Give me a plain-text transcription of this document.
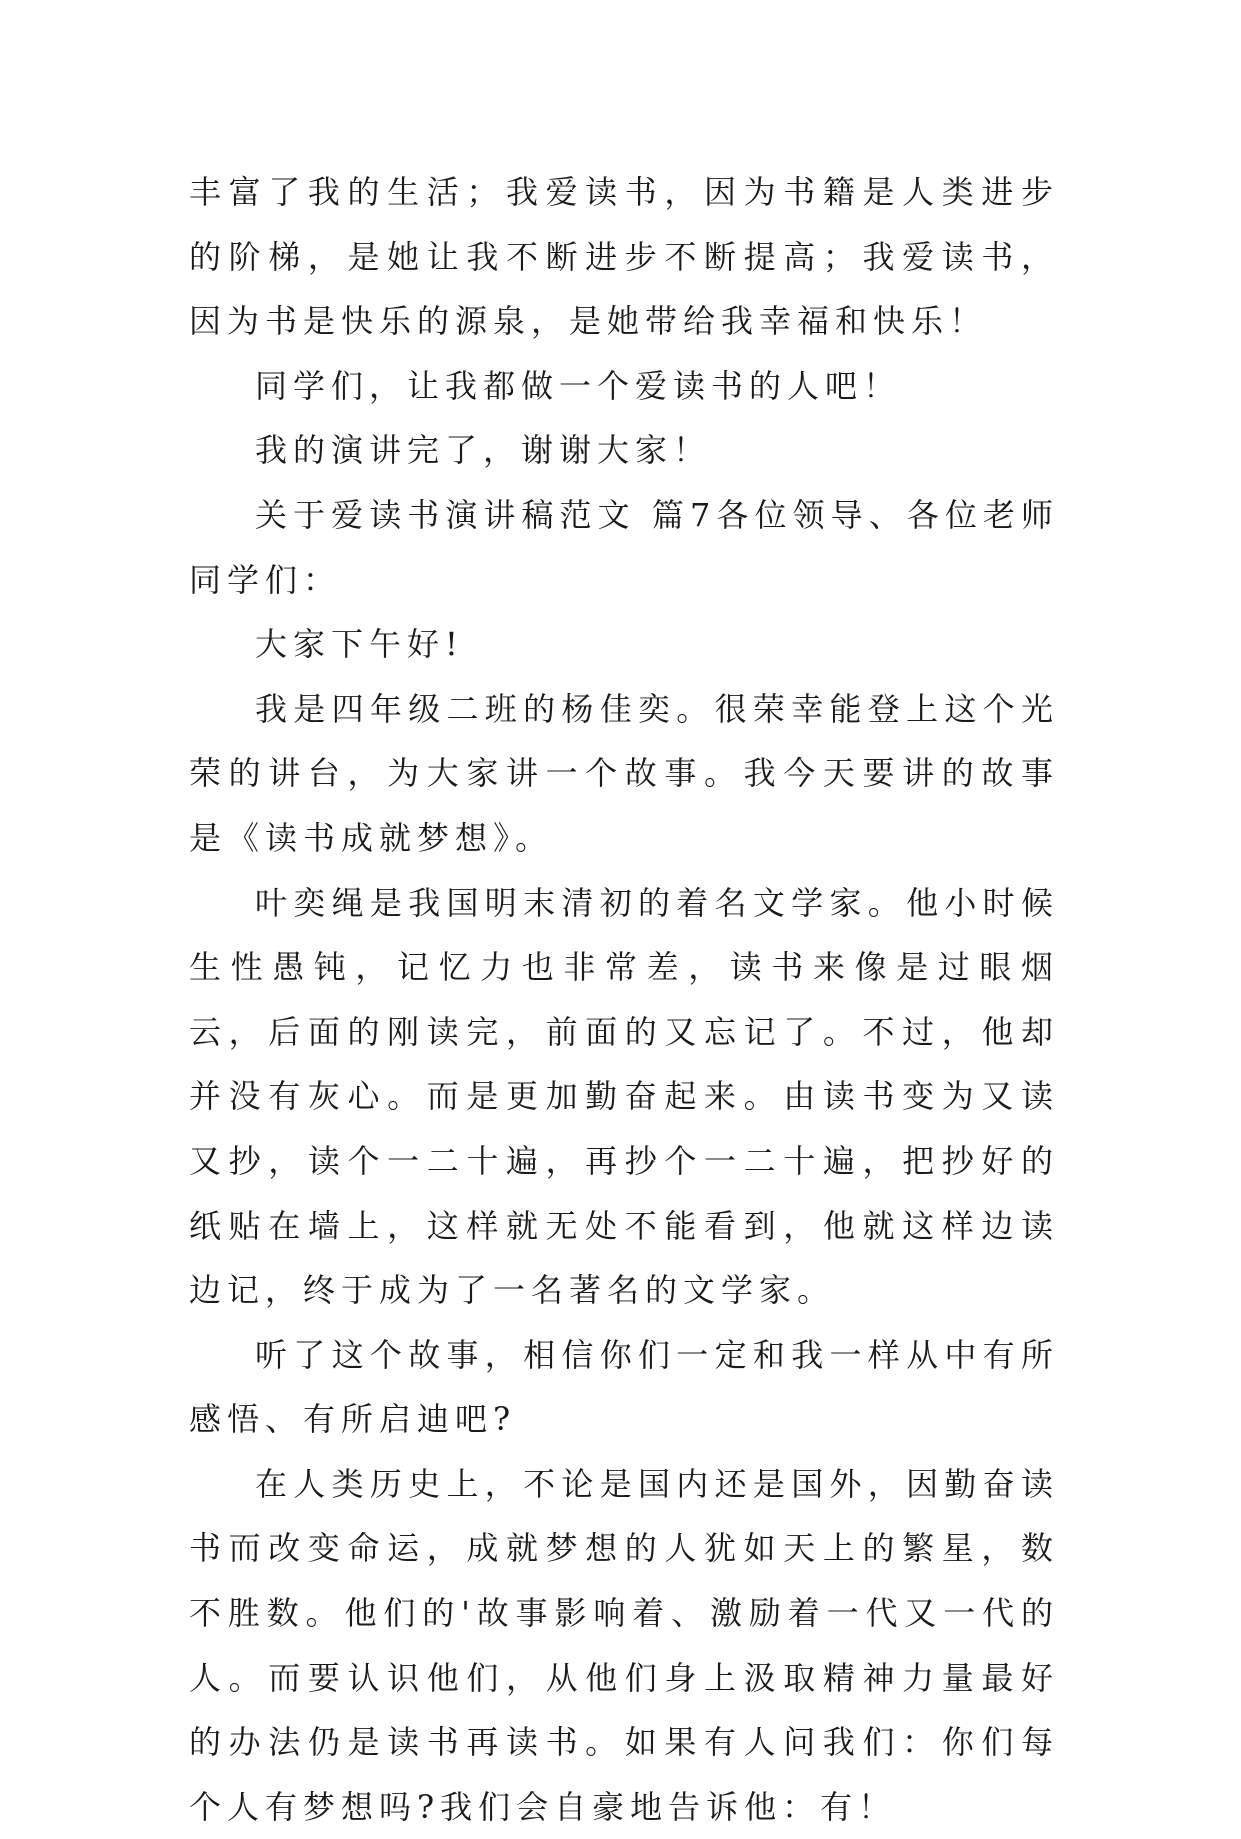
丰富了我的生活；我爱读书，因为书籍是人类进步的阶梯，是她让我不断进步不断提高；我爱读书，因为书是快乐的源泉，是她带给我幸福和快乐！

同学们，让我都做一个爱读书的人吧！

我的演讲完了，谢谢大家！

关于爱读书演讲稿范文 篇7各位领导、各位老师同学们：

大家下午好!

我是四年级二班的杨佳奕。很荣幸能登上这个光荣的讲台，为大家讲一个故事。我今天要讲的故事是《读书成就梦想》。

叶奕绳是我国明末清初的着名文学家。他小时候生性愚钝，记忆力也非常差，读书来像是过眼烟云，后面的刚读完，前面的又忘记了。不过，他却并没有灰心。而是更加勤奋起来。由读书变为又读又抄，读个一二十遍，再抄个一二十遍，把抄好的纸贴在墙上，这样就无处不能看到，他就这样边读边记，终于成为了一名著名的文学家。

听了这个故事，相信你们一定和我一样从中有所感悟、有所启迪吧?

在人类历史上，不论是国内还是国外，因勤奋读书而改变命运，成就梦想的人犹如天上的繁星，数不胜数。他们的'故事影响着、激励着一代又一代的人。而要认识他们，从他们身上汲取精神力量最好的办法仍是读书再读书。如果有人问我们：你们每个人有梦想吗?我们会自豪地告诉他：有！
